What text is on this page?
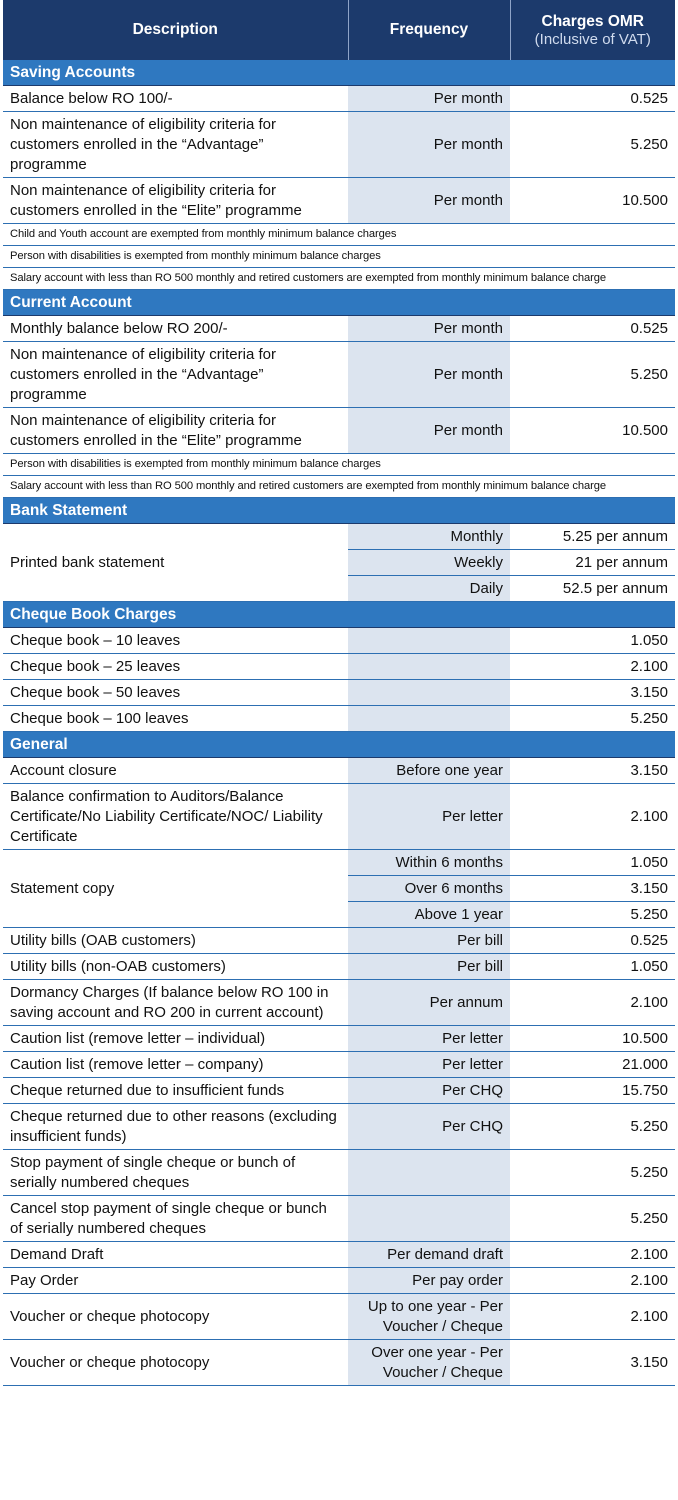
Description	Frequency	Charges OMR
(Inclusive of VAT)

Saving Accounts		
Balance below RO 100/-	Per month	0.525
Non maintenance of eligibility criteria for customers enrolled in the “Advantage” programme	Per month	5.250
Non maintenance of eligibility criteria for customers enrolled in the “Elite” programme	Per month	10.500
Child and Youth account are exempted from monthly minimum balance charges		
Person with disabilities is exempted from monthly minimum balance charges		
Salary account with less than RO 500 monthly and retired customers are exempted from monthly minimum balance charge		
Current Account		
Monthly balance below RO 200/-	Per month	0.525
Non maintenance of eligibility criteria for customers enrolled in the “Advantage” programme	Per month	5.250
Non maintenance of eligibility criteria for customers enrolled in the “Elite” programme	Per month	10.500
Person with disabilities is exempted from monthly minimum balance charges		
Salary account with less than RO 500 monthly and retired customers are exempted from monthly minimum balance charge		
Bank Statement		
Printed bank statement	Monthly	5.25 per annum
	Weekly	21 per annum
	Daily	52.5 per annum
Cheque Book Charges		
Cheque book – 10 leaves		1.050
Cheque book – 25 leaves		2.100
Cheque book – 50 leaves		3.150
Cheque book – 100 leaves		5.250
General		
Account closure	Before one year	3.150
Balance confirmation to Auditors/Balance Certificate/No Liability Certificate/NOC/ Liability Certificate	Per letter	2.100
Statement copy	Within 6 months	1.050
	Over 6 months	3.150
	Above 1 year	5.250
Utility bills (OAB customers)	Per bill	0.525
Utility bills (non-OAB customers)	Per bill	1.050
Dormancy Charges (If balance below RO 100 in saving account and RO 200 in current account)	Per annum	2.100
Caution list (remove letter – individual)	Per letter	10.500
Caution list (remove letter – company)	Per letter	21.000
Cheque returned due to insufficient funds	Per CHQ	15.750
Cheque returned due to other reasons (excluding insufficient funds)	Per CHQ	5.250
Stop payment of single cheque or bunch of serially numbered cheques		5.250
Cancel stop payment of single cheque or bunch of serially numbered cheques		5.250
Demand Draft	Per demand draft	2.100
Pay Order	Per pay order	2.100
Voucher or cheque photocopy	Up to one year - Per Voucher / Cheque	2.100
Voucher or cheque photocopy	Over one year - Per Voucher / Cheque	3.150
